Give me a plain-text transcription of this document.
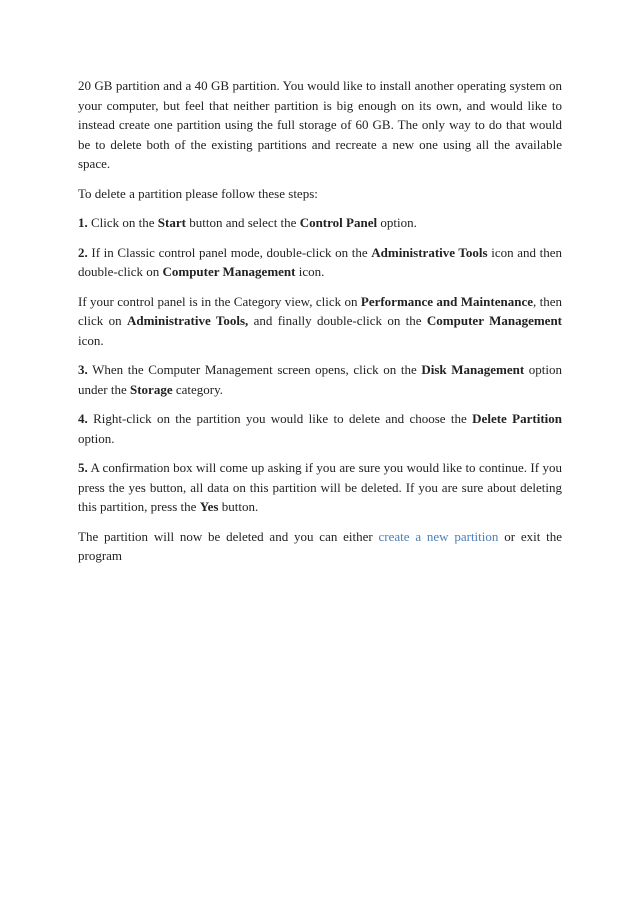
20 GB partition and a 40 GB partition. You would like to install another operating system on your computer, but feel that neither partition is big enough on its own, and would like to instead create one partition using the full storage of 60 GB. The only way to do that would be to delete both of the existing partitions and recreate a new one using all the available space.

To delete a partition please follow these steps:

1. Click on the Start button and select the Control Panel option.

2. If in Classic control panel mode, double-click on the Administrative Tools icon and then double-click on Computer Management icon.

If your control panel is in the Category view, click on Performance and Maintenance, then click on Administrative Tools, and finally double-click on the Computer Management icon.

3. When the Computer Management screen opens, click on the Disk Management option under the Storage category.

4. Right-click on the partition you would like to delete and choose the Delete Partition option.

5. A confirmation box will come up asking if you are sure you would like to continue. If you press the yes button, all data on this partition will be deleted. If you are sure about deleting this partition, press the Yes button.

The partition will now be deleted and you can either create a new partition or exit the program
